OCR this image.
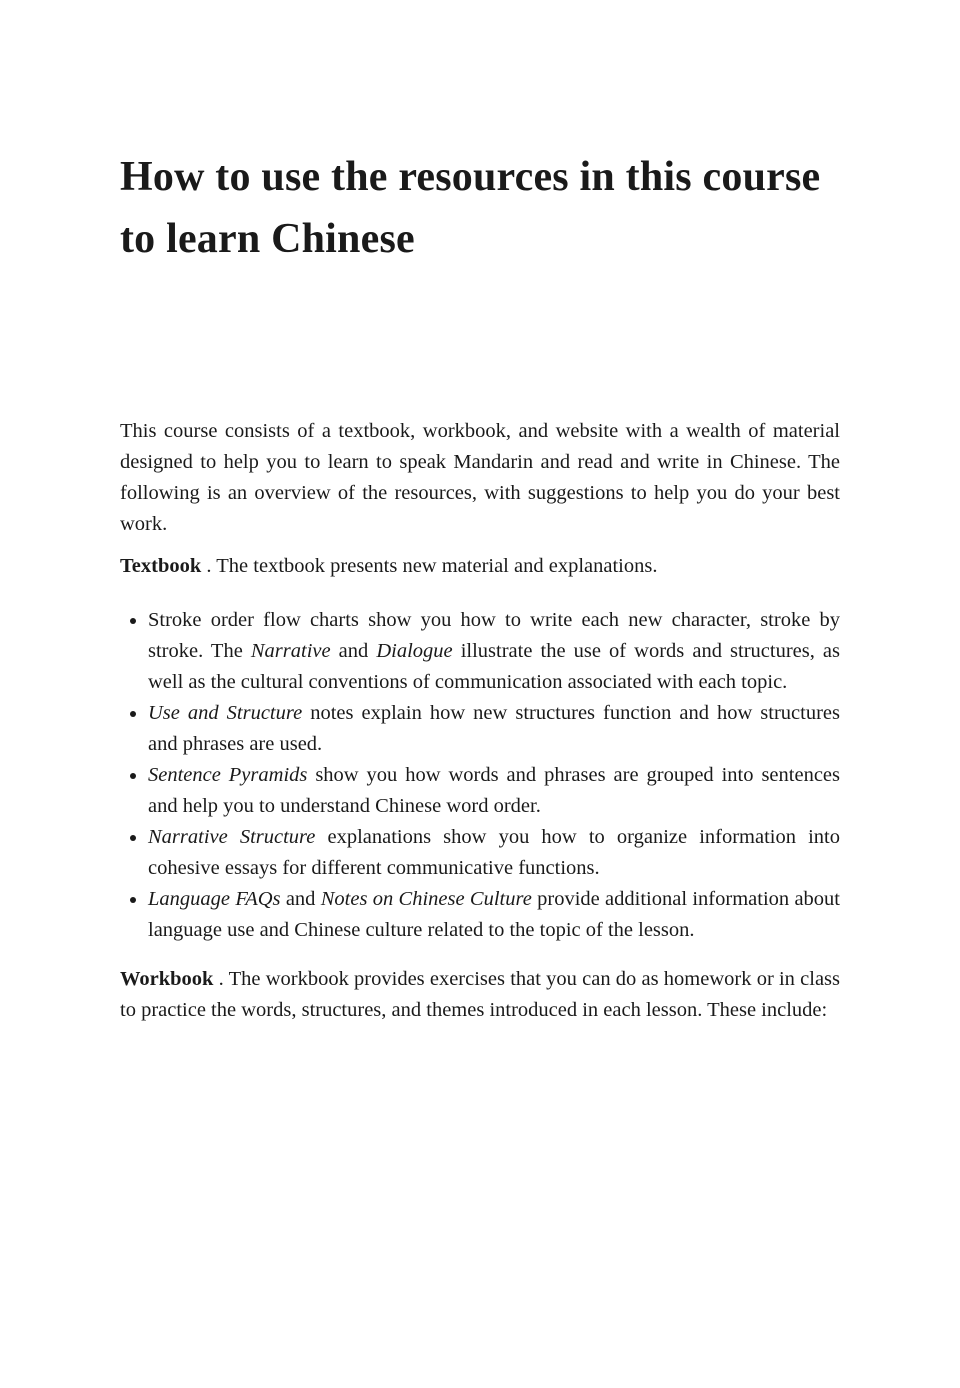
How to use the resources in this course to learn Chinese

This course consists of a textbook, workbook, and website with a wealth of material designed to help you to learn to speak Mandarin and read and write in Chinese. The following is an overview of the resources, with suggestions to help you do your best work.

Textbook . The textbook presents new material and explanations.

• Stroke order flow charts show you how to write each new character, stroke by stroke. The Narrative and Dialogue illustrate the use of words and structures, as well as the cultural conventions of communication associated with each topic.
• Use and Structure notes explain how new structures function and how structures and phrases are used.
• Sentence Pyramids show you how words and phrases are grouped into sentences and help you to understand Chinese word order.
• Narrative Structure explanations show you how to organize information into cohesive essays for different communicative functions.
• Language FAQs and Notes on Chinese Culture provide additional information about language use and Chinese culture related to the topic of the lesson.

Workbook . The workbook provides exercises that you can do as homework or in class to practice the words, structures, and themes introduced in each lesson. These include:
